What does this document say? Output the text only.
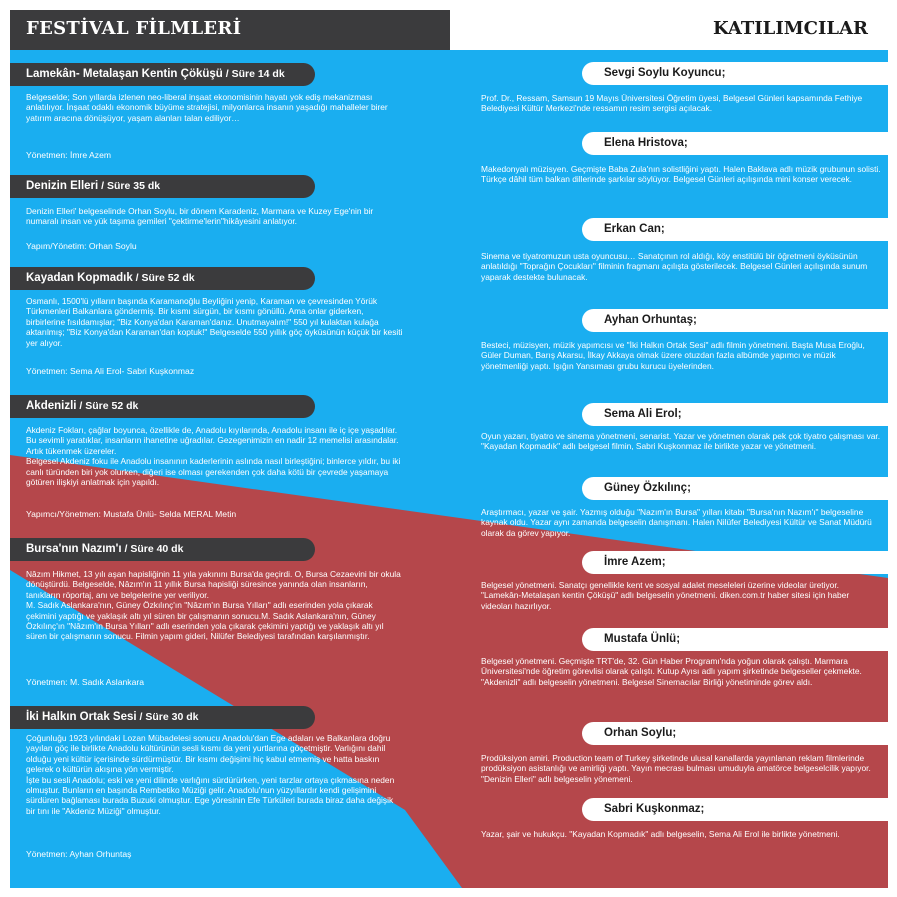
FESTİVAL FİLMLERİ	KATILIMCILAR
Lamekân- Metalaşan Kentin Çöküşü / Süre 14 dk

Belgeselde; Son yıllarda izlenen neo-liberal inşaat ekonomisinin hayatı yok ediş mekanizması anlatılıyor. İnşaat odaklı ekonomik büyüme stratejisi, milyonlarca insanın yaşadığı mahalleler birer yatırım aracına dönüşüyor, yaşam alanları talan ediliyor…

Yönetmen: İmre Azem
Denizin Elleri / Süre 35 dk

Denizin Elleri' belgeselinde Orhan Soylu, bir dönem Karadeniz, Marmara ve Kuzey Ege'nin bir numaralı insan ve yük taşıma gemileri "çektirme'lerin"hikâyesini anlatıyor.

Yapım/Yönetim: Orhan Soylu
Kayadan Kopmadık / Süre 52 dk

Osmanlı, 1500'lü yılların başında Karamanoğlu Beyliğini yenip, Karaman ve çevresinden Yörük Türkmenleri Balkanlara göndermiş. Bir kısmı sürgün, bir kısmı gönüllü. Ama onlar giderken, birbirlerine fısıldamışlar; "Biz Konya'dan Karaman'danız. Unutmayalım!" 550 yıl kulaktan kulağa aktarılmış; "Biz Konya'dan Karaman'dan koptuk!" Belgeselde 550 yıllık göç öyküsünün küçük bir kesiti yer alıyor.

Yönetmen: Sema Ali Erol- Sabri Kuşkonmaz
Akdenizli / Süre 52 dk

Akdeniz Fokları, çağlar boyunca, özellikle de, Anadolu kıyılarında, Anadolu insanı ile iç içe yaşadılar. Bu sevimli yaratıklar, insanların ihanetine uğradılar. Gezegenimizin en nadir 12 memelisi arasındalar. Artık tükenmek üzereler.

Belgesel Akdeniz foku ile Anadolu insanının kaderlerinin aslında nasıl birleştiğini; binlerce yıldır, bu iki canlı türünden biri yok olurken, diğeri ise olması gerekenden çok daha kötü bir çevrede yaşamaya götüren ilişkiyi anlatmak için yapıldı.

Yapımcı/Yönetmen: Mustafa Ünlü- Selda MERAL Metin
Bursa'nın Nazım'ı / Süre 40 dk

Nâzım Hikmet, 13 yılı aşan hapisliğinin 11 yıla yakınını Bursa'da geçirdi. O, Bursa Cezaevini bir okula dönüştürdü. Belgeselde, Nâzım'ın 11 yıllık Bursa hapisliği süresince yanında olan insanların, tanıkların röportaj, anı ve belgelerine yer veriliyor.

M. Sadık Aslankara'nın, Güney Özkılınç'ın "Nâzım'ın Bursa Yılları" adlı eserinden yola çıkarak çekimini yaptığı ve yaklaşık altı yıl süren bir çalışmanın sonucu.M. Sadık Aslankara'nın, Güney Özkılınç'ın "Nâzım'ın Bursa Yılları" adlı eserinden yola çıkarak çekimini yaptığı ve yaklaşık altı yıl süren bir çalışmanın sonucu. Filmin yapım gideri, Nilüfer Belediyesi tarafından karşılanmıştır.

Yönetmen: M. Sadık Aslankara
İki Halkın Ortak Sesi / Süre 30 dk

Çoğunluğu 1923 yılındaki Lozan Mübadelesi sonucu Anadolu'dan Ege adaları ve Balkanlara doğru yayılan göç ile birlikte Anadolu kültürünün sesli kısmı da yeni yurtlarına göçetmiştir. Varlığını dahil olduğu yeni kültür içerisinde sürdürmüştür. Bir kısmı değişimi hiç kabul etmemiş ve hatta baskın gelerek o kültürün akışına yön vermiştir.

İşte bu sesli Anadolu; eski ve yeni dilinde varlığını sürdürürken, yeni tarzlar ortaya çıkmasına neden olmuştur. Bunların en başında Rembetiko Müziği gelir. Anadolu'nun yüzyıllardır kendi gelişimini sürdüren bağlaması burada Buzuki olmuştur. Ege yöresinin Efe Türküleri burada biraz daha değişik bir tını ile "Akdeniz Müziği" olmuştur.

Yönetmen: Ayhan Orhuntaş
Sevgi Soylu Koyuncu;
Prof. Dr., Ressam, Samsun 19 Mayıs Üniversitesi Öğretim üyesi, Belgesel Günleri kapsamında Fethiye Belediyesi Kültür Merkezi'nde ressamın resim sergisi açılacak.
Elena Hristova;
Makedonyalı müzisyen. Geçmişte Baba Zula'nın solistliğini yaptı. Halen Baklava adlı müzik grubunun solisti. Türkçe dâhil tüm balkan dillerinde şarkılar söylüyor. Belgesel Günleri açılışında mini konser verecek.
Erkan Can;
Sinema ve tiyatromuzun usta oyuncusu… Sanatçının rol aldığı, köy enstitülü bir öğretmeni öyküsünün anlatıldığı "Toprağın Çocukları" filminin fragmanı açılışta gösterilecek. Belgesel Günleri açılışında sunum yaparak destekte bulunacak.
Ayhan Orhuntaş;
Besteci, müzisyen, müzik yapımcısı ve "İki Halkın Ortak Sesi" adlı filmin yönetmeni. Başta Musa Eroğlu, Güler Duman, Barış Akarsu, İlkay Akkaya olmak üzere otuzdan fazla albümde yapımcı ve müzik yönetmenliği yaptı. Işığın Yansıması grubu kurucu üyelerinden.
Sema Ali Erol;
Oyun yazarı, tiyatro ve sinema yönetmeni, senarist. Yazar ve yönetmen olarak pek çok tiyatro çalışması var. "Kayadan Kopmadık" adlı belgesel filmin, Sabri Kuşkonmaz ile birlikte yazar ve yönetmeni.
Güney Özkılınç;
Araştırmacı, yazar ve şair. Yazmış olduğu "Nazım'ın Bursa" yılları kitabı "Bursa'nın Nazım'ı" belgeseline kaynak oldu. Yazar aynı zamanda belgeselin danışmanı. Halen Nilüfer Belediyesi Kültür ve Sanat Müdürü olarak da görev yapıyor.
İmre Azem;
Belgesel yönetmeni. Sanatçı genellikle kent ve sosyal adalet meseleleri üzerine videolar üretiyor. "Lamekân-Metalaşan kentin Çöküşü" adlı belgeselin yönetmeni. diken.com.tr haber sitesi için haber videoları hazırlıyor.
Mustafa Ünlü;
Belgesel yönetmeni. Geçmişte TRT'de, 32. Gün Haber Programı'nda yoğun olarak çalıştı. Marmara Üniversitesi'nde öğretim görevlisi olarak çalıştı. Kutup Ayısı adlı yapım şirketinde belgeseller çekmekte. "Akdenizli" adlı belgeselin yönetmeni. Belgesel Sinemacılar Birliği yönetiminde görev aldı.
Orhan Soylu;
Prodüksiyon amiri. Production team of Turkey şirketinde ulusal kanallarda yayınlanan reklam filmlerinde prodüksiyon asistanlığı ve amirliği yaptı. Yayın mecrası bulması umuduyla amatörce belgeselcilik yapıyor. "Denizin Elleri" adlı belgeselin yönemeni.
Sabri Kuşkonmaz;
Yazar, şair ve hukukçu. "Kayadan Kopmadık" adlı belgeselin, Sema Ali Erol ile birlikte yönetmeni.
